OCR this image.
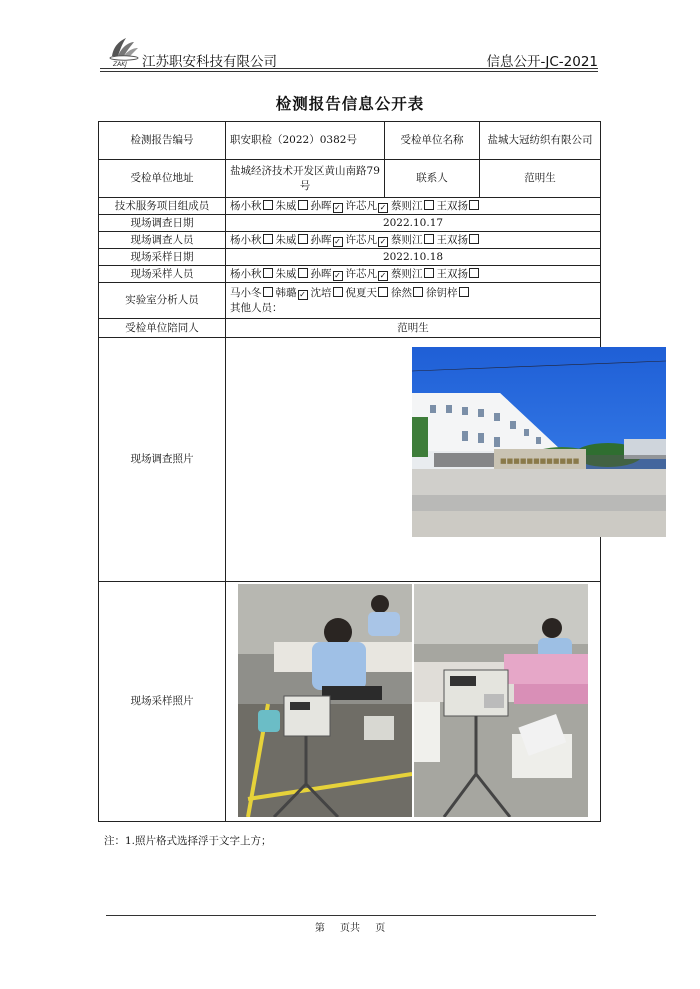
ZAKJ 江苏职安科技有限公司	信息公开-JC-2021
检测报告信息公开表
检测报告编号	职安职检（2022）0382号	受检单位名称	盐城大冠纺织有限公司
受检单位地址	盐城经济技术开发区黄山南路79号	联系人	范明生
技术服务项目组成员	杨小秋 朱威 孙晖 ✓ 许芯凡 ✓ 蔡则江 王双扬		
现场调查日期	2022.10.17		
现场调查人员	杨小秋 朱威 孙晖 ✓ 许芯凡 ✓ 蔡则江 王双扬		
现场采样日期	2022.10.18		
现场采样人员	杨小秋 朱威 孙晖 ✓ 许芯凡 ✓ 蔡则江 王双扬		
实验室分析人员	马小冬 韩璐 ✓ 沈培 倪夏天 徐然 徐钥梓
其他人员：		

受检单位陪同人	范明生		
现场调查照片	■■■■■■■■■■■■		

现场采样照片	
注：1.照片格式选择浮于文字上方；
第 页共 页
